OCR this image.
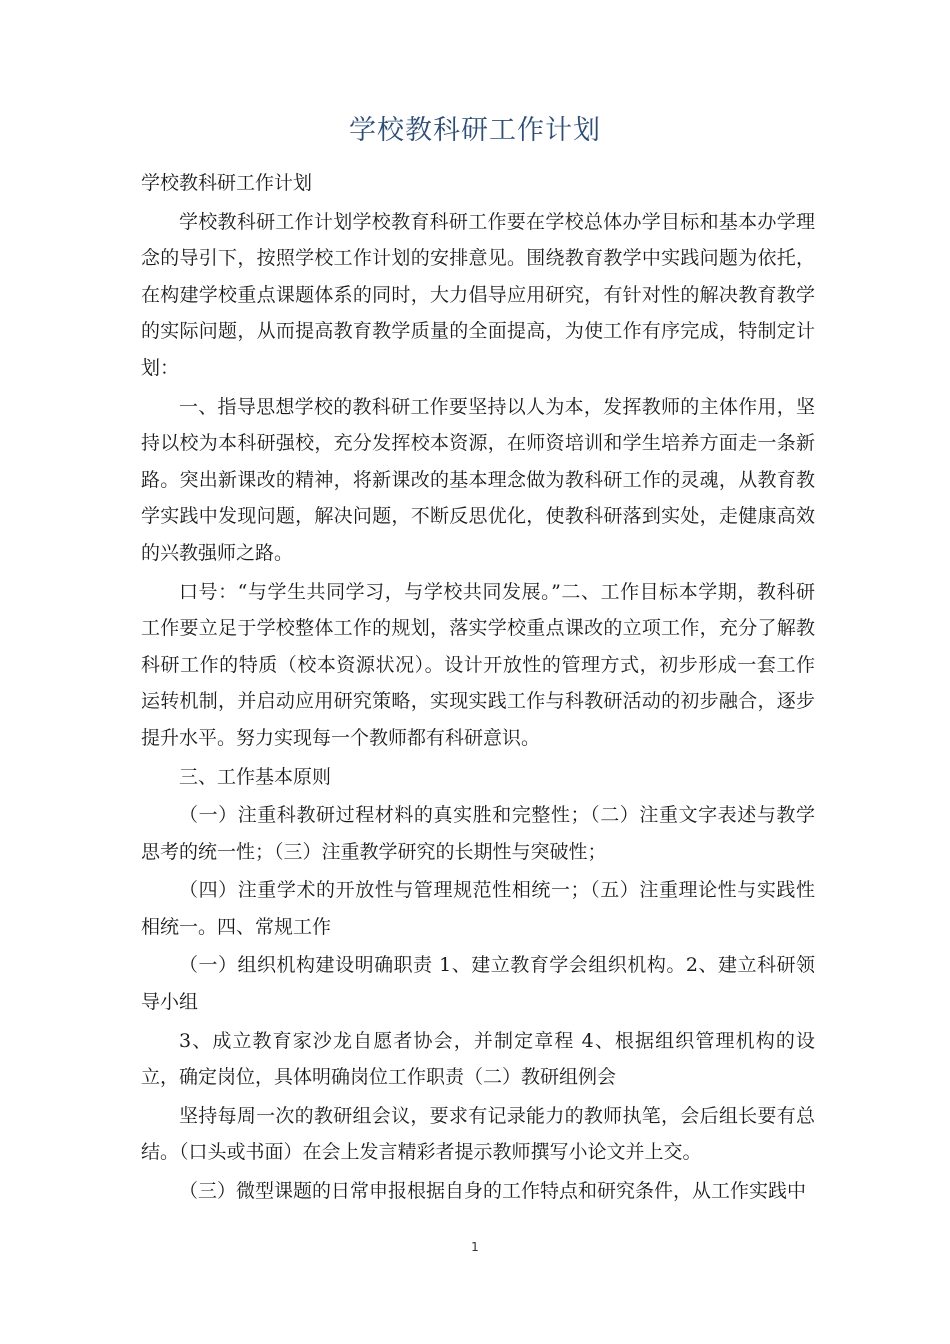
学校教科研工作计划

学校教科研工作计划

学校教科研工作计划学校教育科研工作要在学校总体办学目标和基本办学理念的导引下，按照学校工作计划的安排意见。围绕教育教学中实践问题为依托，在构建学校重点课题体系的同时，大力倡导应用研究，有针对性的解决教育教学的实际问题，从而提高教育教学质量的全面提高，为使工作有序完成，特制定计划：

一、指导思想学校的教科研工作要坚持以人为本，发挥教师的主体作用，坚持以校为本科研强校，充分发挥校本资源，在师资培训和学生培养方面走一条新路。突出新课改的精神，将新课改的基本理念做为教科研工作的灵魂，从教育教学实践中发现问题，解决问题，不断反思优化，使教科研落到实处，走健康高效的兴教强师之路。

口号：“与学生共同学习，与学校共同发展。”二、工作目标本学期，教科研工作要立足于学校整体工作的规划，落实学校重点课改的立项工作，充分了解教科研工作的特质（校本资源状况）。设计开放性的管理方式，初步形成一套工作运转机制，并启动应用研究策略，实现实践工作与科教研活动的初步融合，逐步提升水平。努力实现每一个教师都有科研意识。

三、工作基本原则

（一）注重科教研过程材料的真实胜和完整性；（二）注重文字表述与教学思考的统一性；（三）注重教学研究的长期性与突破性；

（四）注重学术的开放性与管理规范性相统一；（五）注重理论性与实践性相统一。四、常规工作

（一）组织机构建设明确职责 1、建立教育学会组织机构。2、建立科研领导小组

3、成立教育家沙龙自愿者协会，并制定章程 4、根据组织管理机构的设立，确定岗位，具体明确岗位工作职责（二）教研组例会

坚持每周一次的教研组会议，要求有记录能力的教师执笔，会后组长要有总结。（口头或书面）在会上发言精彩者提示教师撰写小论文并上交。

（三）微型课题的日常申报根据自身的工作特点和研究条件，从工作实践中

1
